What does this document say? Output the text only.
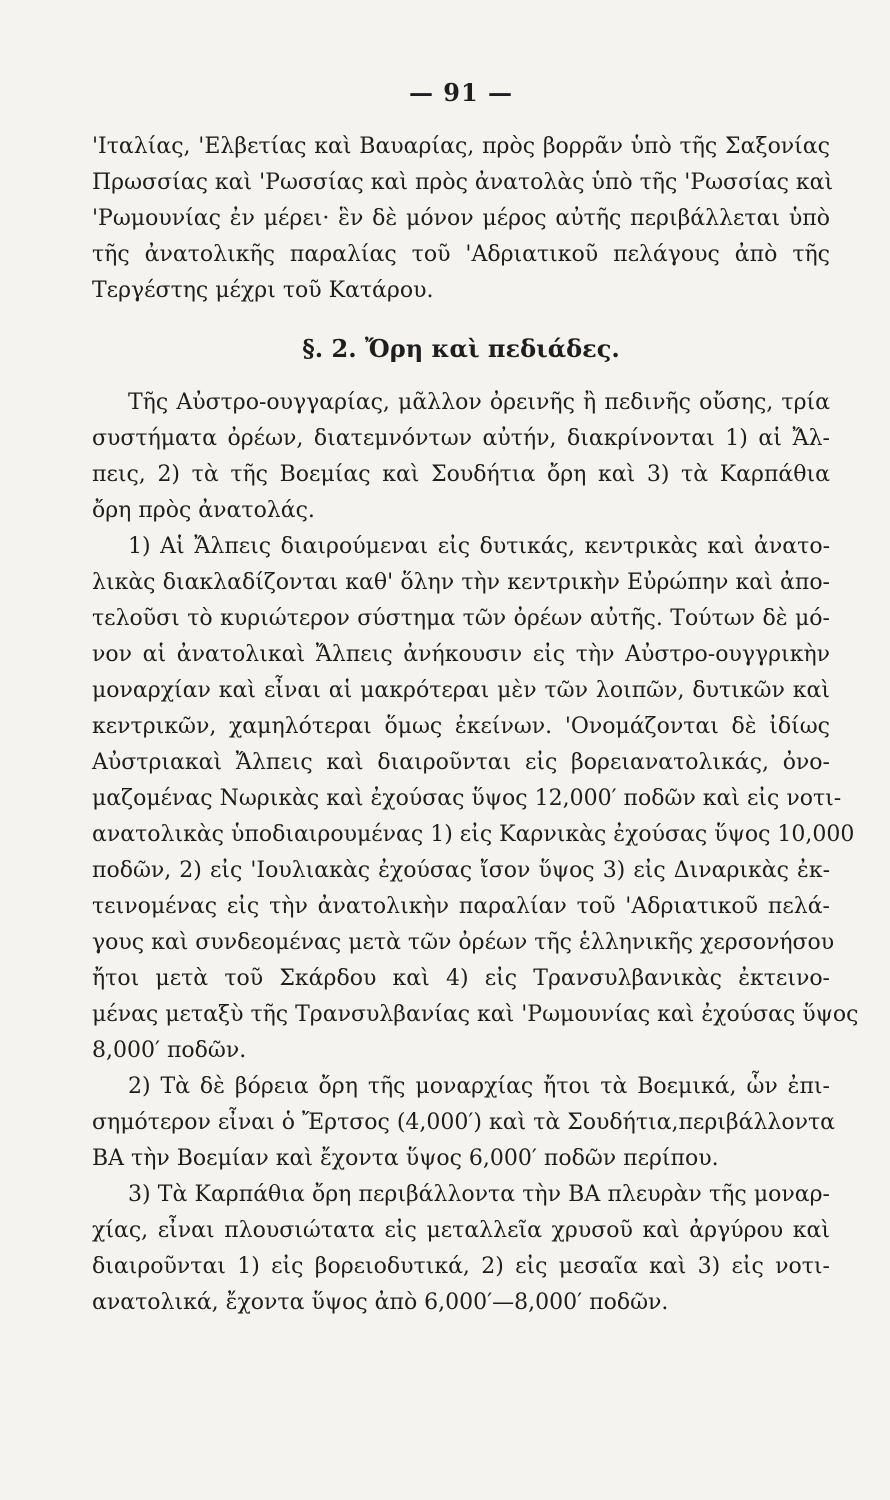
— 91 —
'Ιταλίας, 'Ελβετίας καὶ Βαυαρίας, πρὸς βορρᾶν ὑπὸ τῆς Σαξονίας
Πρωσσίας καὶ 'Ρωσσίας καὶ πρὸς ἀνατολὰς ὑπὸ τῆς 'Ρωσσίας καὶ
'Ρωμουνίας ἐν μέρει· ἓν δὲ μόνον μέρος αὐτῆς περιβάλλεται ὑπὸ
τῆς ἀνατολικῆς παραλίας τοῦ 'Αδριατικοῦ πελάγους ἀπὸ τῆς
Τεργέστης μέχρι τοῦ Κατάρου.
§. 2. Ὄρη καὶ πεδιάδες.
Τῆς Αὐστρο-ουγγαρίας, μᾶλλον ὀρεινῆς ἢ πεδινῆς οὔσης, τρία
συστήματα ὀρέων, διατεμνόντων αὐτήν, διακρίνονται 1) αἱ Ἄλ-
πεις, 2) τὰ τῆς Βοεμίας καὶ Σουδήτια ὄρη καὶ 3) τὰ Καρπάθια
ὄρη πρὸς ἀνατολάς.
1) Αἱ Ἄλπεις διαιρούμεναι εἰς δυτικάς, κεντρικὰς καὶ ἀνατο-
λικὰς διακλαδίζονται καθ' ὅλην τὴν κεντρικὴν Εὐρώπην καὶ ἀπο-
τελοῦσι τὸ κυριώτερον σύστημα τῶν ὀρέων αὐτῆς. Τούτων δὲ μό-
νον αἱ ἀνατολικαὶ Ἄλπεις ἀνήκουσιν εἰς τὴν Αὐστρο-ουγγρικὴν
μοναρχίαν καὶ εἶναι αἱ μακρότεραι μὲν τῶν λοιπῶν, δυτικῶν καὶ
κεντρικῶν, χαμηλότεραι ὅμως ἐκείνων. 'Ονομάζονται δὲ ἰδίως
Αὐστριακαὶ Ἄλπεις καὶ διαιροῦνται εἰς βορειανατολικάς, ὀνο-
μαζομένας Νωρικὰς καὶ ἐχούσας ὕψος 12,000′ ποδῶν καὶ εἰς νοτι-
ανατολικὰς ὑποδιαιρουμένας 1) εἰς Καρνικὰς ἐχούσας ὕψος 10,000
ποδῶν, 2) εἰς 'Ιουλιακὰς ἐχούσας ἴσον ὕψος 3) εἰς Διναρικὰς ἐκ-
τεινομένας εἰς τὴν ἀνατολικὴν παραλίαν τοῦ 'Αδριατικοῦ πελά-
γους καὶ συνδεομένας μετὰ τῶν ὀρέων τῆς ἑλληνικῆς χερσονήσου
ἤτοι μετὰ τοῦ Σκάρδου καὶ 4) εἰς Τρανσυλβανικὰς ἐκτεινο-
μένας μεταξὺ τῆς Τρανσυλβανίας καὶ 'Ρωμουνίας καὶ ἐχούσας ὕψος
8,000′ ποδῶν.
2) Τὰ δὲ βόρεια ὄρη τῆς μοναρχίας ἤτοι τὰ Βοεμικά, ὧν ἐπι-
σημότερον εἶναι ὁ Ἔρτσος (4,000′) καὶ τὰ Σουδήτια,περιβάλλοντα
ΒΑ τὴν Βοεμίαν καὶ ἔχοντα ὕψος 6,000′ ποδῶν περίπου.
3) Τὰ Καρπάθια ὄρη περιβάλλοντα τὴν ΒΑ πλευρὰν τῆς μοναρ-
χίας, εἶναι πλουσιώτατα εἰς μεταλλεῖα χρυσοῦ καὶ ἀργύρου καὶ
διαιροῦνται 1) εἰς βορειοδυτικά, 2) εἰς μεσαῖα καὶ 3) εἰς νοτι-
ανατολικά, ἔχοντα ὕψος ἀπὸ 6,000′—8,000′ ποδῶν.
